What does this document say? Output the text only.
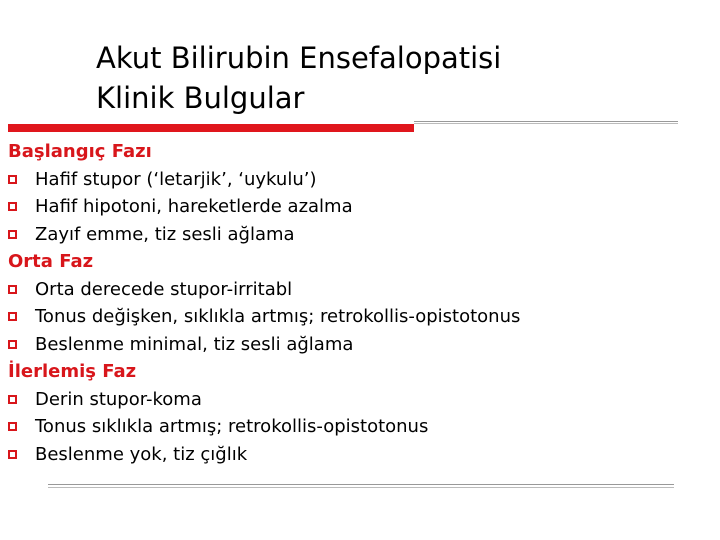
Akut Bilirubin Ensefalopatisi
Klinik Bulgular
Başlangıç Fazı
Hafif stupor (‘letarjik’, ‘uykulu’)
Hafif hipotoni, hareketlerde azalma
Zayıf emme, tiz sesli ağlama
Orta Faz
Orta derecede stupor-irritabl
Tonus değişken, sıklıkla artmış; retrokollis-opistotonus
Beslenme minimal, tiz sesli ağlama
İlerlemiş Faz
Derin stupor-koma
Tonus sıklıkla artmış; retrokollis-opistotonus
Beslenme yok, tiz çığlık
